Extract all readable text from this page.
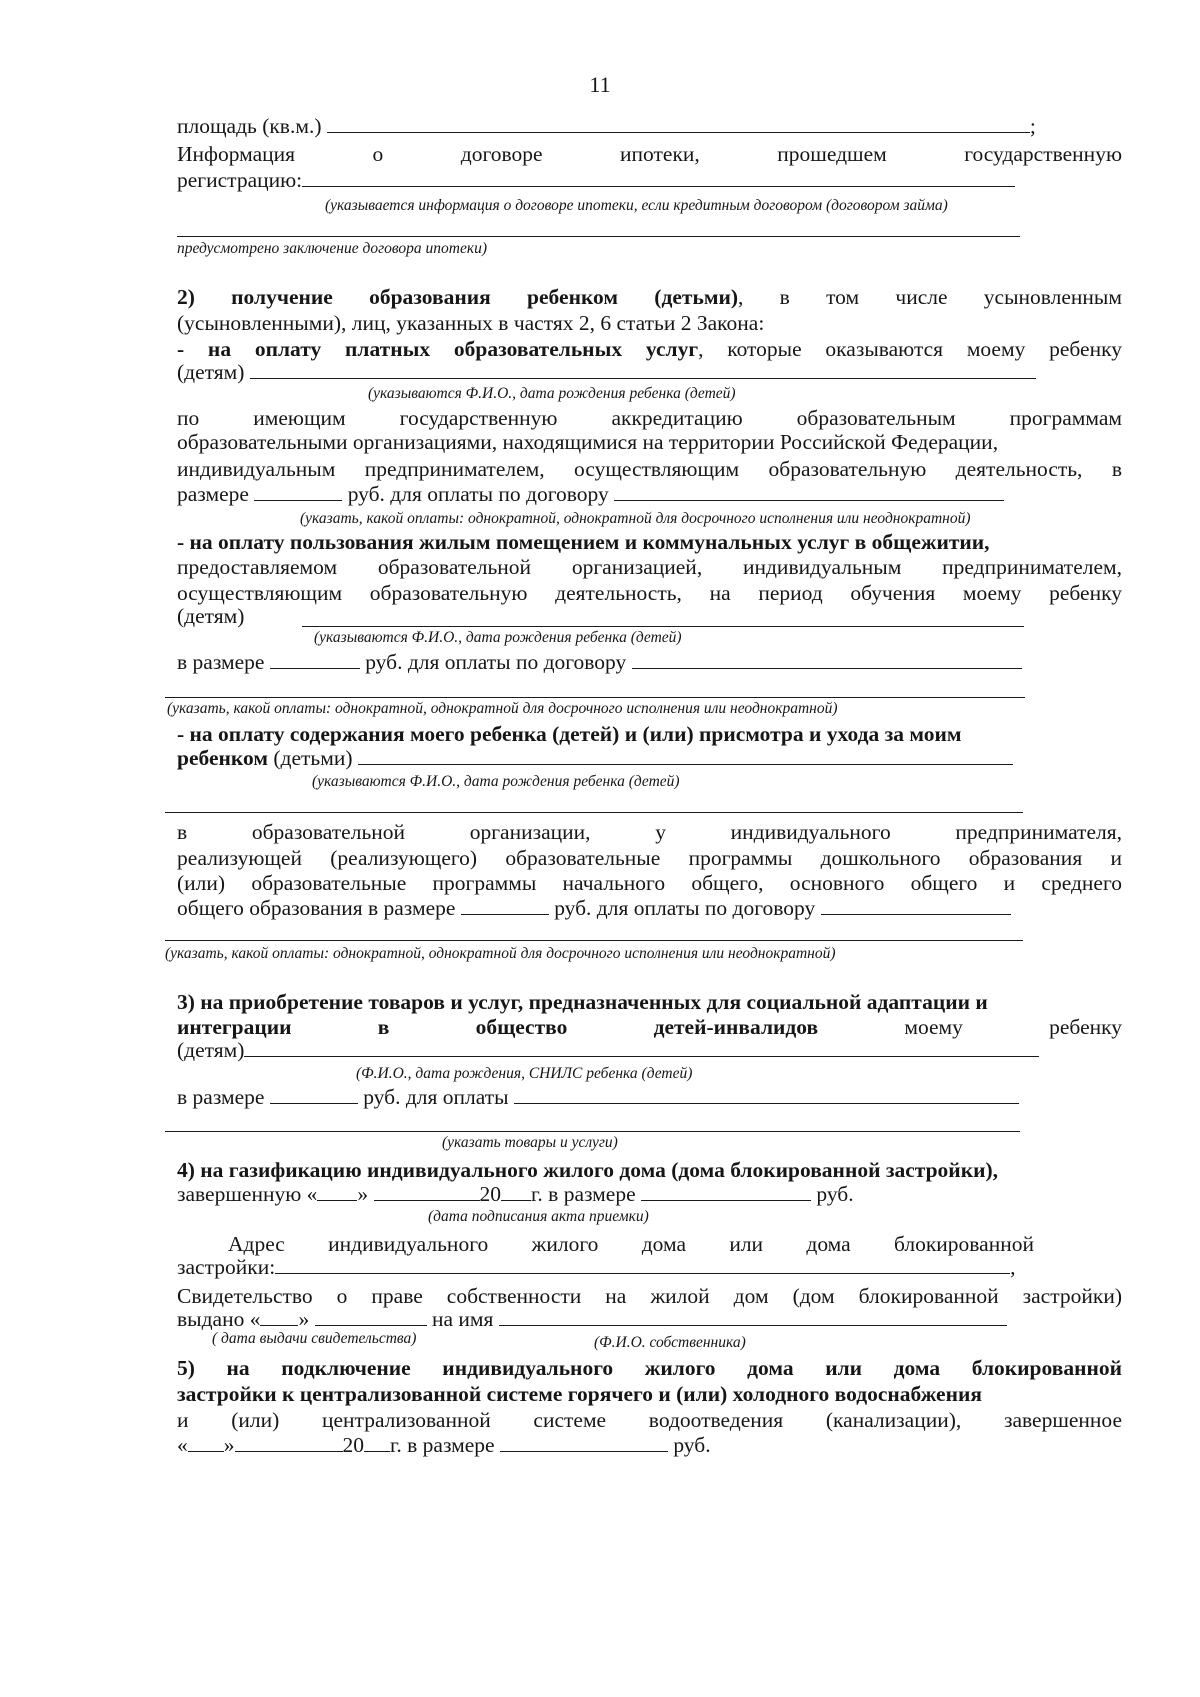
11
площадь (кв.м.)	;
Информация	о	договоре	ипотеки,	прошедшем	государственную
регистрацию:
(указывается информация о договоре ипотеки, если кредитным договором (договором займа)
предусмотрено заключение договора ипотеки)
2) получение образования ребенком (детьми), в том числе усыновленным
(усыновленными), лиц, указанных в частях 2, 6 статьи 2 Закона:
- на оплату платных образовательных услуг, которые оказываются моему ребенку
(детям)
(указываются Ф.И.О., дата рождения ребенка (детей)
по имеющим государственную аккредитацию образовательным программам
образовательными организациями, находящимися на территории Российской Федерации,
индивидуальным предпринимателем, осуществляющим образовательную деятельность, в
размере	руб. для оплаты по договору
(указать, какой оплаты: однократной, однократной для досрочного исполнения или неоднократной)
- на оплату пользования жилым помещением и коммунальных услуг в общежитии,
предоставляемом образовательной организацией, индивидуальным предпринимателем,
осуществляющим образовательную деятельность, на период обучения моему ребенку
(детям)
(указываются Ф.И.О., дата рождения ребенка (детей)
в размере	руб. для оплаты по договору
(указать, какой оплаты: однократной, однократной для досрочного исполнения или неоднократной)
- на оплату содержания моего ребенка (детей) и (или) присмотра и ухода за моим
ребенком (детьми)
(указываются Ф.И.О., дата рождения ребенка (детей)
в образовательной организации, у индивидуального предпринимателя,
реализующей (реализующего) образовательные программы дошкольного образования и
(или) образовательные программы начального общего, основного общего и среднего
общего образования в размере	руб. для оплаты по договору
(указать, какой оплаты: однократной, однократной для досрочного исполнения или неоднократной)
3) на приобретение товаров и услуг, предназначенных для социальной адаптации и
интеграции в общество детей-инвалидов	моему ребенку
(детям)
(Ф.И.О., дата рождения, СНИЛС ребенка (детей)
в размере	руб. для оплаты
(указать товары и услуги)
4) на газификацию индивидуального жилого дома (дома блокированной застройки),
завершенную « »	20 г. в размере	руб.
(дата подписания акта приемки)
Адрес индивидуального жилого дома или дома блокированной
застройки:	,
Свидетельство о праве собственности на жилой дом (дом блокированной застройки)
выдано « »	на имя
( дата выдачи свидетельства)	(Ф.И.О. собственника)
5) на подключение индивидуального жилого дома или дома блокированной
застройки к централизованной системе горячего и (или) холодного водоснабжения
и (или) централизованной системе водоотведения (канализации), завершенное
« »	20 г. в размере	руб.
